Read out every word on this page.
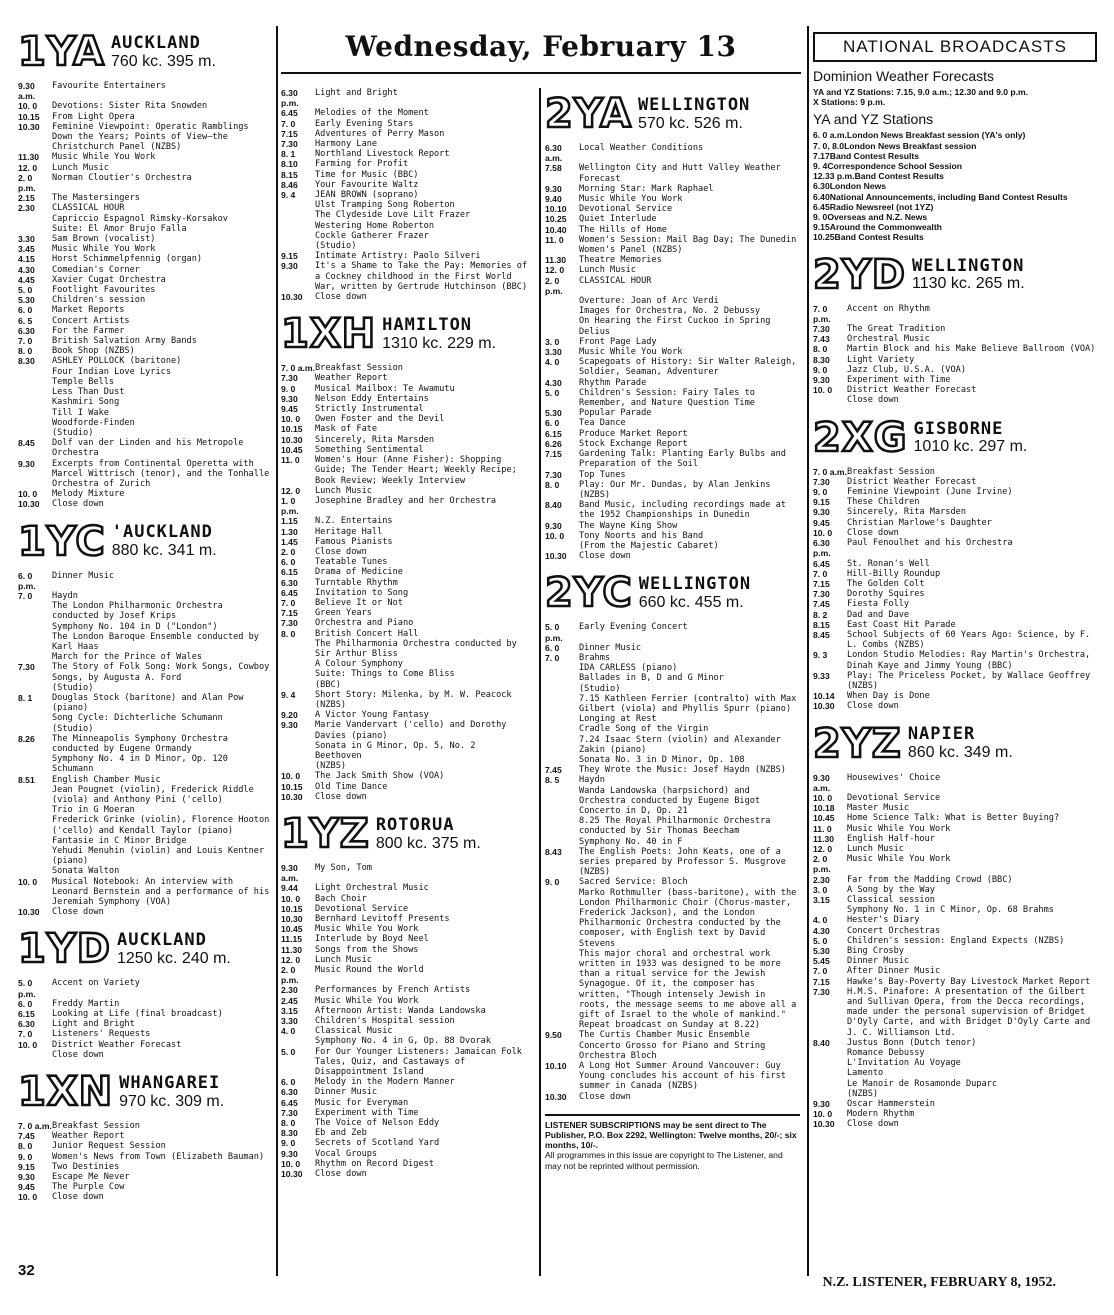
Wednesday, February 13
1YA AUCKLAND
760 kc. 395 m.
9.30 a.m.
Favourite Entertainers
10. 0	Devotions: Sister Rita Snowden
10.15	From Light Opera
10.30	Feminine Viewpoint: Operatic Ramblings Down the Years; Points of View—the Christchurch Panel (NZBS)
11.30	Music While You Work
12. 0	Lunch Music
2. 0 p.m.
Norman Cloutier's Orchestra
2.15	The Mastersingers
2.30	CLASSICAL HOUR
Capriccio Espagnol Rimsky-Korsakov
Suite: El Amor Brujo Falla
3.30	Sam Brown (vocalist)
3.45	Music While You Work
4.15	Horst Schimmelpfennig (organ)
4.30	Comedian's Corner
4.45	Xavier Cugat Orchestra
5. 0	Footlight Favourites
5.30	Children's session
6. 0	Market Reports
6. 5	Concert Artists
6.30	For the Farmer
7. 0	British Salvation Army Bands
8. 0	Book Shop (NZBS)
8.30	ASHLEY POLLOCK (baritone)
Four Indian Love Lyrics
Temple Bells
Less Than Dust
Kashmiri Song
Till I Wake
Woodforde-Finden
(Studio)
8.45	Dolf van der Linden and his Metropole Orchestra
9.30	Excerpts from Continental Operetta with Marcel Wittrisch (tenor), and the Tonhalle Orchestra of Zurich
10. 0	Melody Mixture
10.30	Close down
1YC 'AUCKLAND
880 kc. 341 m.
6. 0 p.m.
Dinner Music
7. 0	Haydn
The London Philharmonic Orchestra conducted by Josef Krips
Symphony No. 104 in D ("London")
The London Baroque Ensemble conducted by Karl Haas
March for the Prince of Wales
7.30	The Story of Folk Song: Work Songs, Cowboy Songs, by Augusta A. Ford
(Studio)
8. 1	Douglas Stock (baritone) and Alan Pow (piano)
Song Cycle: Dichterliche Schumann
(Studio)
8.26	The Minneapolis Symphony Orchestra conducted by Eugene Ormandy
Symphony No. 4 in D Minor, Op. 120
Schumann
8.51	English Chamber Music
Jean Pougnet (violin), Frederick Riddle (viola) and Anthony Pini ('cello)
Trio in G Moeran
Frederick Grinke (violin), Florence Hooton ('cello) and Kendall Taylor (piano)
Fantasie in C Minor Bridge
Yehudi Menuhin (violin) and Louis Kentner (piano)
Sonata Walton
10. 0	Musical Notebook: An interview with Leonard Bernstein and a performance of his Jeremiah Symphony (VOA)
10.30	Close down
1YD AUCKLAND
1250 kc. 240 m.
5. 0 p.m.
Accent on Variety
6. 0	Freddy Martin
6.15	Looking at Life (final broadcast)
6.30	Light and Bright
7. 0	Listeners' Requests
10. 0	District Weather Forecast
Close down
1XN WHANGAREI
970 kc. 309 m.
7. 0 a.m. Breakfast Session
7.45	Weather Report
8. 0	Junior Request Session
9. 0	Women's News from Town (Elizabeth Bauman)
9.15	Two Destinies
9.30	Escape Me Never
9.45	The Purple Cow
10. 0	Close down
6.30 p.m.
Light and Bright
6.45	Melodies of the Moment
7. 0	Early Evening Stars
7.15	Adventures of Perry Mason
7.30	Harmony Lane
8. 1	Northland Livestock Report
8.10	Farming for Profit
8.15	Time for Music (BBC)
8.46	Your Favourite Waltz
9. 4	JEAN BROWN (soprano)
Ulst Tramping Song Roberton
The Clydeside Love Lilt Frazer
Westering Home Roberton
Cockle Gatherer Frazer
(Studio)
9.15	Intimate Artistry: Paolo Silveri
9.30	It's a Shame to Take the Pay: Memories of a Cockney childhood in the First World War, written by Gertrude Hutchinson (BBC)
10.30	Close down
1XH HAMILTON
1310 kc. 229 m.
7. 0 a.m. Breakfast Session
7.30	Weather Report
9. 0	Musical Mailbox: Te Awamutu
9.30	Nelson Eddy Entertains
9.45	Strictly Instrumental
10. 0	Owen Foster and the Devil
10.15	Mask of Fate
10.30	Sincerely, Rita Marsden
10.45	Something Sentimental
11. 0	Women's Hour (Anne Fisher): Shopping Guide; The Tender Heart; Weekly Recipe; Book Review; Weekly Interview
12. 0	Lunch Music
1. 0 p.m.
Josephine Bradley and her Orchestra
1.15	N.Z. Entertains
1.30	Heritage Hall
1.45	Famous Pianists
2. 0	Close down
6. 0	Teatable Tunes
6.15	Drama of Medicine
6.30	Turntable Rhythm
6.45	Invitation to Song
7. 0	Believe It or Not
7.15	Green Years
7.30	Orchestra and Piano
8. 0	British Concert Hall
The Philharmonia Orchestra conducted by Sir Arthur Bliss
A Colour Symphony
Suite: Things to Come Bliss
(BBC)
9. 4	Short Story: Milenka, by M. W. Peacock (NZBS)
9.20	A Victor Young Fantasy
9.30	Marie Vandervart ('cello) and Dorothy Davies (piano)
Sonata in G Minor, Op. 5, No. 2
Beethoven
(NZBS)
10. 0	The Jack Smith Show (VOA)
10.15	Old Time Dance
10.30	Close down
1YZ ROTORUA
800 kc. 375 m.
9.30 a.m.
My Son, Tom
9.44	Light Orchestral Music
10. 0	Bach Choir
10.15	Devotional Service
10.30	Bernhard Levitoff Presents
10.45	Music While You Work
11.15	Interlude by Boyd Neel
11.30	Songs from the Shows
12. 0	Lunch Music
2. 0 p.m.
Music Round the World
2.30	Performances by French Artists
2.45	Music While You Work
3.15	Afternoon Artist: Wanda Landowska
3.30	Children's Hospital session
4. 0	Classical Music
Symphony No. 4 in G, Op. 88 Dvorak
5. 0	For Our Younger Listeners: Jamaican Folk Tales, Quiz, and Castaways of Disappointment Island
6. 0	Melody in the Modern Manner
6.30	Dinner Music
6.45	Music for Everyman
7.30	Experiment with Time
8. 0	The Voice of Nelson Eddy
8.30	Eb and Zeb
9. 0	Secrets of Scotland Yard
9.30	Vocal Groups
10. 0	Rhythm on Record Digest
10.30	Close down
2YA WELLINGTON
570 kc. 526 m.
6.30 a.m.
Local Weather Conditions
7.58	Wellington City and Hutt Valley Weather Forecast
9.30	Morning Star: Mark Raphael
9.40	Music While You Work
10.10	Devotional Service
10.25	Quiet Interlude
10.40	The Hills of Home
11. 0	Women's Session: Mail Bag Day; The Dunedin Women's Panel (NZBS)
11.30	Theatre Memories
12. 0	Lunch Music
2. 0 p.m.
CLASSICAL HOUR
Overture: Joan of Arc Verdi
Images for Orchestra, No. 2 Debussy
On Hearing the First Cuckoo in Spring Delius
3. 0	Front Page Lady
3.30	Music While You Work
4. 0	Scapegoats of History: Sir Walter Raleigh, Soldier, Seaman, Adventurer
4.30	Rhythm Parade
5. 0	Children's Session: Fairy Tales to Remember, and Nature Question Time
5.30	Popular Parade
6. 0	Tea Dance
6.15	Produce Market Report
6.26	Stock Exchange Report
7.15	Gardening Talk: Planting Early Bulbs and Preparation of the Soil
7.30	Top Tunes
8. 0	Play: Our Mr. Dundas, by Alan Jenkins (NZBS)
8.40	Band Music, including recordings made at the 1952 Championships in Dunedin
9.30	The Wayne King Show
10. 0	Tony Noorts and his Band
(From the Majestic Cabaret)
10.30	Close down
2YC WELLINGTON
660 kc. 455 m.
5. 0 p.m.
Early Evening Concert
6. 0	Dinner Music
7. 0	Brahms
IDA CARLESS (piano)
Ballades in B, D and G Minor
(Studio)
7.15 Kathleen Ferrier (contralto) with Max Gilbert (viola) and Phyllis Spurr (piano)
Longing at Rest
Cradle Song of the Virgin
7.24 Isaac Stern (violin) and Alexander Zakin (piano)
Sonata No. 3 in D Minor, Op. 108
7.45	They Wrote the Music: Josef Haydn (NZBS)
8. 5	Haydn
Wanda Landowska (harpsichord) and Orchestra conducted by Eugene Bigot
Concerto in D, Op. 21
8.25 The Royal Philharmonic Orchestra conducted by Sir Thomas Beecham
Symphony No. 40 in F
8.43	The English Poets: John Keats, one of a series prepared by Professor S. Musgrove (NZBS)
9. 0	Sacred Service: Bloch
Marko Rothmuller (bass-baritone), with the London Philharmonic Choir (Chorus-master, Frederick Jackson), and the London Philharmonic Orchestra conducted by the composer, with English text by David Stevens
This major choral and orchestral work written in 1933 was designed to be more than a ritual service for the Jewish Synagogue. Of it, the composer has written, "Though intensely Jewish in roots, the message seems to me above all a gift of Israel to the whole of mankind."
Repeat broadcast on Sunday at 8.22)
9.50	The Curtis Chamber Music Ensemble
Concerto Grosso for Piano and String Orchestra Bloch
10.10	A Long Hot Summer Around Vancouver: Guy Young concludes his account of his first summer in Canada (NZBS)
10.30	Close down
LISTENER SUBSCRIPTIONS may be sent direct to The Publisher, P.O. Box 2292, Wellington: Twelve months, 20/-; six months, 10/-.
All programmes in this issue are copyright to The Listener, and may not be reprinted without permission.
NATIONAL BROADCASTS
Dominion Weather Forecasts
YA and YZ Stations: 7.15, 9.0 a.m.; 12.30 and 9.0 p.m.
X Stations: 9 p.m.
YA and YZ Stations
6. 0 a.m. London News Breakfast session (YA's only)
7. 0, 8.0 London News Breakfast session
7.17 Band Contest Results
9. 4 Correspondence School Session
12.33 p.m. Band Contest Results
6.30 London News
6.40 National Announcements, including Band Contest Results
6.45 Radio Newsreel (not 1YZ)
9. 0 Overseas and N.Z. News
9.15 Around the Commonwealth
10.25 Band Contest Results
2YD WELLINGTON
1130 kc. 265 m.
7. 0 p.m.
Accent on Rhythm
7.30	The Great Tradition
7.43	Orchestral Music
8. 0	Martin Block and his Make Believe Ballroom (VOA)
8.30	Light Variety
9. 0	Jazz Club, U.S.A. (VOA)
9.30	Experiment with Time
10. 0	District Weather Forecast
Close down
2XG GISBORNE
1010 kc. 297 m.
7. 0 a.m. Breakfast Session
7.30	District Weather Forecast
9. 0	Feminine Viewpoint (June Irvine)
9.15	These Children
9.30	Sincerely, Rita Marsden
9.45	Christian Marlowe's Daughter
10. 0	Close down
6.30 p.m.
Paul Fenoulhet and his Orchestra
6.45	St. Ronan's Well
7. 0	Hill-Billy Roundup
7.15	The Golden Colt
7.30	Dorothy Squires
7.45	Fiesta Folly
8. 2	Dad and Dave
8.15	East Coast Hit Parade
8.45	School Subjects of 60 Years Ago: Science, by F. L. Combs (NZBS)
9. 3	London Studio Melodies: Ray Martin's Orchestra, Dinah Kaye and Jimmy Young (BBC)
9.33	Play: The Priceless Pocket, by Wallace Geoffrey (NZBS)
10.14	When Day is Done
10.30	Close down
2YZ NAPIER
860 kc. 349 m.
9.30 a.m.
Housewives' Choice
10. 0	Devotional Service
10.18	Master Music
10.45	Home Science Talk: What is Better Buying?
11. 0	Music While You Work
11.30	English Half-hour
12. 0	Lunch Music
2. 0 p.m.
Music While You Work
2.30	Far from the Madding Crowd (BBC)
3. 0	A Song by the Way
3.15	Classical session
Symphony No. 1 in C Minor, Op. 68 Brahms
4. 0	Hester's Diary
4.30	Concert Orchestras
5. 0	Children's session: England Expects (NZBS)
5.30	Bing Crosby
5.45	Dinner Music
7. 0	After Dinner Music
7.15	Hawke's Bay-Poverty Bay Livestock Market Report
7.30	H.M.S. Pinafore: A presentation of the Gilbert and Sullivan Opera, from the Decca recordings, made under the personal supervision of Bridget D'Oyly Carte, and with Bridget D'Oyly Carte and J. C. Williamson Ltd.
8.40	Justus Bonn (Dutch tenor)
Romance Debussy
L'Invitation Au Voyage
Lamento
Le Manoir de Rosamonde Duparc
(NZBS)
9.30	Oscar Hammerstein
10. 0	Modern Rhythm
10.30	Close down
32
N.Z. LISTENER, FEBRUARY 8, 1952.
